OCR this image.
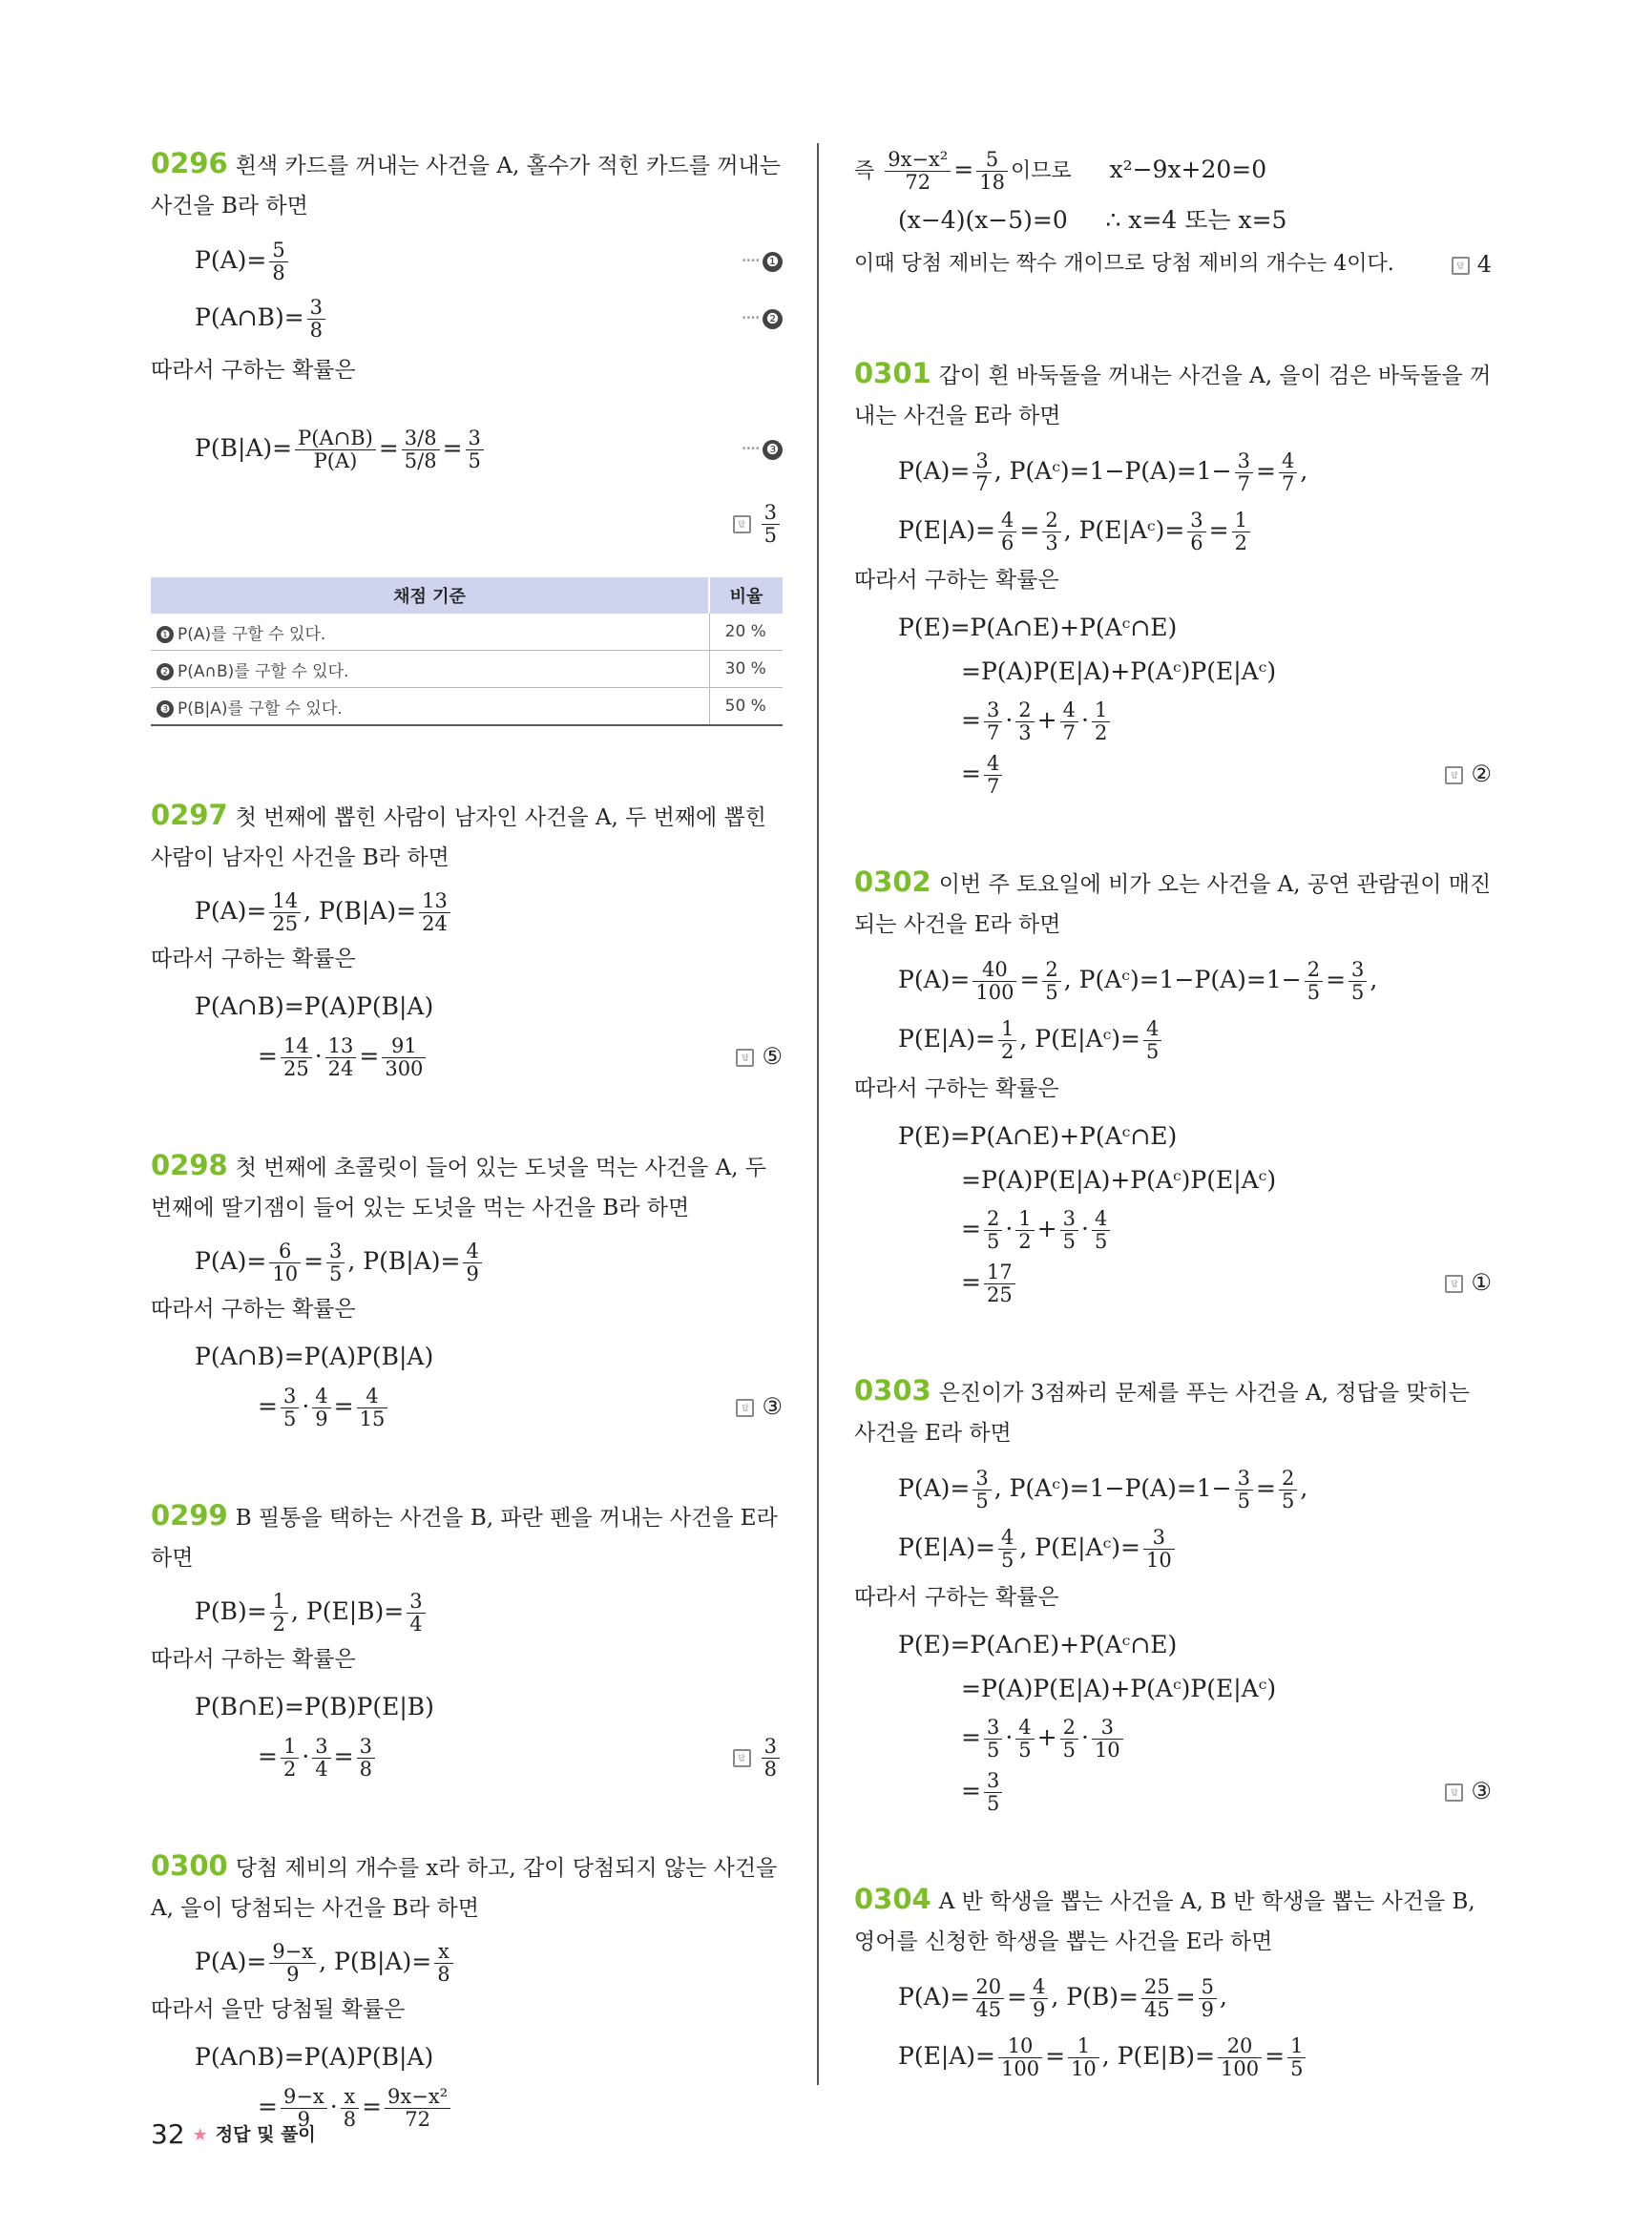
0296 흰색 카드를 꺼내는 사건을 A, 홀수가 적힌 카드를 꺼내는 사건을 B라 하면

$P(A)= \frac{5}{8}$	···· ❶
P(A∩B)= $\frac{3}{8}$	···· ❷

따라서 구하는 확률은

$P(B|A)= \frac{P(A\cap B)}{P(A)} = \frac{3/8}{5/8} = \frac{3}{5}$	···· ❸
답 $\frac{3}{5}$
채점 기준	비율
❶ P(A)를 구할 수 있다.	20 %
❷ P(A∩B)를 구할 수 있다.	30 %
❸ P(B|A)를 구할 수 있다.	50 %

0297 첫 번째에 뽑힌 사람이 남자인 사건을 A, 두 번째에 뽑힌 사람이 남자인 사건을 B라 하면

$P(A)= \frac{14}{25}$ , $P(B|A)= \frac{13}{24}$

따라서 구하는 확률은

P(A∩B)=P(A)P(B|A)
= $\frac{14}{25} \cdot \frac{13}{24} = \frac{91}{300}$	답 ⑤

0298 첫 번째에 초콜릿이 들어 있는 도넛을 먹는 사건을 A, 두 번째에 딸기잼이 들어 있는 도넛을 먹는 사건을 B라 하면

$P(A)= \frac{6}{10} = \frac{3}{5}$ , $P(B|A)= \frac{4}{9}$

따라서 구하는 확률은

P(A∩B)=P(A)P(B|A)
= $\frac{3}{5} \cdot \frac{4}{9} = \frac{4}{15}$	답 ③

0299 B 필통을 택하는 사건을 B, 파란 펜을 꺼내는 사건을 E라 하면

$P(B)= \frac{1}{2}$ , $P(E|B)= \frac{3}{4}$

따라서 구하는 확률은

P(B∩E)=P(B)P(E|B)
= $\frac{1}{2} \cdot \frac{3}{4} = \frac{3}{8}$	답 $\frac{3}{8}$

0300 당첨 제비의 개수를 x라 하고, 갑이 당첨되지 않는 사건을 A, 을이 당첨되는 사건을 B라 하면

$P(A)= \frac{9-x}{9}$ , $P(B|A)= \frac{x}{8}$

따라서 을만 당첨될 확률은

P(A∩B)=P(A)P(B|A)
= $\frac{9-x}{9} \cdot \frac{x}{8} = \frac{\text{9x−x²}}{72}$
즉 $\frac{\text{9x−x²}}{72} = \frac{5}{18}$ 이므로 x²−9x+20=0
(x−4)(x−5)=0 ∴ x=4 또는 x=5
이때 당첨 제비는 짝수 개이므로 당첨 제비의 개수는 4이다.	답 4

0301 갑이 흰 바둑돌을 꺼내는 사건을 A, 을이 검은 바둑돌을 꺼내는 사건을 E라 하면

$P(A)= \frac{3}{7}$ , P(Aᶜ)=1−P(A)=1− $\frac{3}{7} = \frac{4}{7}$ ,
$P(E|A)= \frac{4}{6} = \frac{2}{3}$ , P(E|Aᶜ)= $\frac{3}{6} = \frac{1}{2}$

따라서 구하는 확률은

P(E)=P(A∩E)+P(Aᶜ∩E)
=P(A)P(E|A)+P(Aᶜ)P(E|Aᶜ)
= $\frac{3}{7} \cdot \frac{2}{3} + \frac{4}{7} \cdot \frac{1}{2}$
= $\frac{4}{7}$	답 ②

0302 이번 주 토요일에 비가 오는 사건을 A, 공연 관람권이 매진되는 사건을 E라 하면

$P(A)= \frac{40}{100} = \frac{2}{5}$ , P(Aᶜ)=1−P(A)=1− $\frac{2}{5} = \frac{3}{5}$ ,
$P(E|A)= \frac{1}{2}$ , P(E|Aᶜ)= $\frac{4}{5}$

따라서 구하는 확률은

P(E)=P(A∩E)+P(Aᶜ∩E)
=P(A)P(E|A)+P(Aᶜ)P(E|Aᶜ)
= $\frac{2}{5} \cdot \frac{1}{2} + \frac{3}{5} \cdot \frac{4}{5}$
= $\frac{17}{25}$	답 ①

0303 은진이가 3점짜리 문제를 푸는 사건을 A, 정답을 맞히는 사건을 E라 하면

$P(A)= \frac{3}{5}$ , P(Aᶜ)=1−P(A)=1− $\frac{3}{5} = \frac{2}{5}$ ,
$P(E|A)= \frac{4}{5}$ , P(E|Aᶜ)= $\frac{3}{10}$

따라서 구하는 확률은

P(E)=P(A∩E)+P(Aᶜ∩E)
=P(A)P(E|A)+P(Aᶜ)P(E|Aᶜ)
= $\frac{3}{5} \cdot \frac{4}{5} + \frac{2}{5} \cdot \frac{3}{10}$
= $\frac{3}{5}$	답 ③

0304 A 반 학생을 뽑는 사건을 A, B 반 학생을 뽑는 사건을 B, 영어를 신청한 학생을 뽑는 사건을 E라 하면

$P(A)= \frac{20}{45} = \frac{4}{9}$ , $P(B)= \frac{25}{45} = \frac{5}{9}$ ,
$P(E|A)= \frac{10}{100} = \frac{1}{10}$ , $P(E|B)= \frac{20}{100} = \frac{1}{5}$
32 ★ 정답 및 풀이
